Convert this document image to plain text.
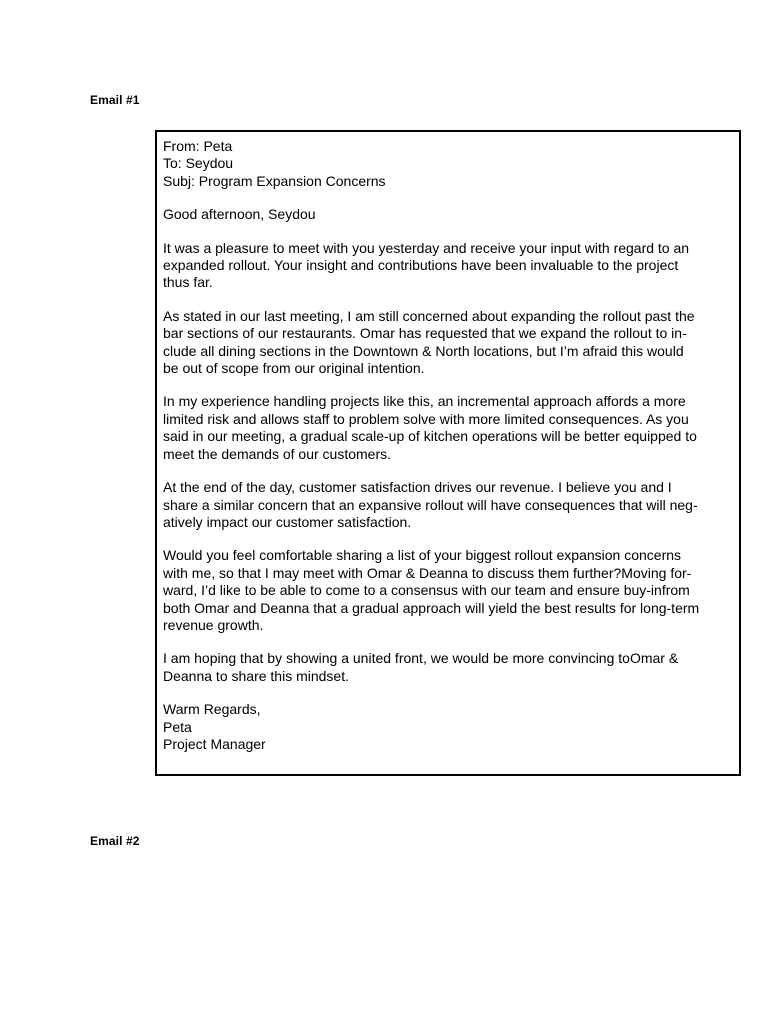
Email #1
From: Peta
To: Seydou
Subj: Program Expansion Concerns
Good afternoon, Seydou
It was a pleasure to meet with you yesterday and receive your input with regard to an
expanded rollout. Your insight and contributions have been invaluable to the project
thus far.
As stated in our last meeting, I am still concerned about expanding the rollout past the
bar sections of our restaurants. Omar has requested that we expand the rollout to in-
clude all dining sections in the Downtown & North locations, but I’m afraid this would
be out of scope from our original intention.
In my experience handling projects like this, an incremental approach affords a more
limited risk and allows staff to problem solve with more limited consequences. As you
said in our meeting, a gradual scale-up of kitchen operations will be better equipped to
meet the demands of our customers.
At the end of the day, customer satisfaction drives our revenue. I believe you and I
share a similar concern that an expansive rollout will have consequences that will neg-
atively impact our customer satisfaction.
Would you feel comfortable sharing a list of your biggest rollout expansion concerns
with me, so that I may meet with Omar & Deanna to discuss them further?Moving for-
ward, I’d like to be able to come to a consensus with our team and ensure buy-infrom
both Omar and Deanna that a gradual approach will yield the best results for long-term
revenue growth.
I am hoping that by showing a united front, we would be more convincing toOmar &
Deanna to share this mindset.
Warm Regards,
Peta
Project Manager
Email #2
